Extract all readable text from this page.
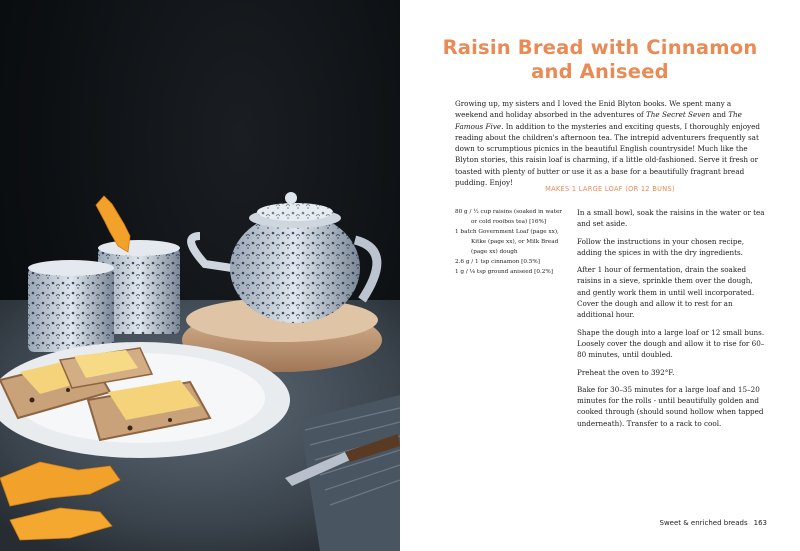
Raisin Bread with Cinnamon
and Aniseed
Growing up, my sisters and I loved the Enid Blyton books. We spent many a weekend and holiday absorbed in the adventures of The Secret Seven and The Famous Five. In addition to the mysteries and exciting quests, I thoroughly enjoyed reading about the children's afternoon tea. The intrepid adventurers frequently sat down to scrumptious picnics in the beautiful English countryside! Much like the Blyton stories, this raisin loaf is charming, if a little old-fashioned. Serve it fresh or toasted with plenty of butter or use it as a base for a beautifully fragrant bread pudding. Enjoy!
MAKES 1 LARGE LOAF (OR 12 BUNS)
80 g / ½ cup raisins (soaked in water
or cold rooibos tea) [16%]
1 batch Government Loaf (page xx),
Kitke (page xx), or Milk Bread (page xx) dough
2.6 g / 1 tsp cinnamon [0.5%]
1 g / ⅛ tsp ground aniseed [0.2%]

In a small bowl, soak the raisins in the water or tea and set aside.

Follow the instructions in your chosen recipe, adding the spices in with the dry ingredients.

After 1 hour of fermentation, drain the soaked raisins in a sieve, sprinkle them over the dough, and gently work them in until well incorporated. Cover the dough and allow it to rest for an additional hour.

Shape the dough into a large loaf or 12 small buns. Loosely cover the dough and allow it to rise for 60–80 minutes, until doubled.

Preheat the oven to 392°F.

Bake for 30–35 minutes for a large loaf and 15–20 minutes for the rolls - until beautifully golden and cooked through (should sound hollow when tapped underneath). Transfer to a rack to cool.

Sweet & enriched breads 163
